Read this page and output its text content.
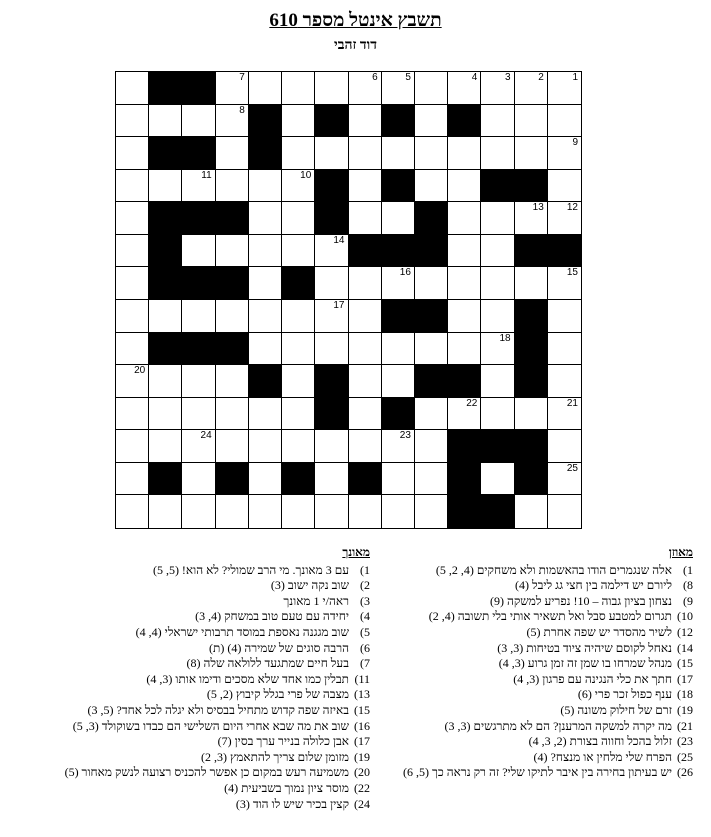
תשבץ אינטל מספר 610
דוד זהבי
7	6	5	4	3	2	1
8
9
11	10
13 12
14
16	15
17
18
20
22	21
24	23
25
מאוזן
1) אלה שנגמרים הודו בהאשמות ולא משחקים (4, 2, 5)
8) ליורם יש דילמה בין חצי גג ליבל (4)
9) נצחון בציון גבוה – 10! נפריע למשקה (9)
10) תגרום למטבע סבל ואל תשאיר אותי בלי תשובה (4, 2)
12) לשיר מהסדר יש שפה אחרת (5)
14) נאחל לקוסם שיהיה ציוד בטיחות (3, 3)
15) מנהל שמרחו בו שמן זה זמן גרוע (3, 4)
17) חתך את כלי הנגינה עם פרגון (3, 4)
18) ענף כפול זכר פרי (6)
19) זרם של חילוק משונה (5)
21) מה יקרה למשקה המרענן? הם לא מתרגשים (3, 3)
23) זלול בהכל וחווה בצורת (2, 3, 4)
25) הפרח שלי מלחין או מנצח? (4)
26) יש בעיתון בחירה בין איבר לתיקו שלי? זה רק נראה כך (5, 6)
מאונך
1) עם 3 מאונך. מי הרב שמולי? לא הוא! (5, 5)
2) שוב נקה ישוב (3)
3) ראה/י 1 מאונך
4) יחידה עם טעם טוב במשחק (4, 3)
5) שוב מגגנה נאספת במוסד תרבותי ישראלי (4, 4)
6) הרבה סוגים של שמירה (4) (ת)
7) בעל חיים שמתגעד ללולאה שלה (8)
11) תבלין כמו אחד שלא מסכים ודימו אותו (3, 4)
13) מצבה של פרי בגלל קיבוץ (2, 5)
15) באיזה שפה קדוש מתחיל בבסיס ולא יגלה לכל אחד? (5, 3)
16) שוב את מה שבא אחרי היום השלישי הם כבדו בשוקולד (3, 5)
17) אבן כלולה בנייר ערך בסין (7)
19) מזומן שלום צריך להתאמץ (3, 2)
20) משמיעה רעש במקום כן אפשר להכניס רצועה לנשק מאחור (5)
22) מוסר ציון נמוך בשביעית (4)
24) קצין בכיר שיש לו הוד (3)
